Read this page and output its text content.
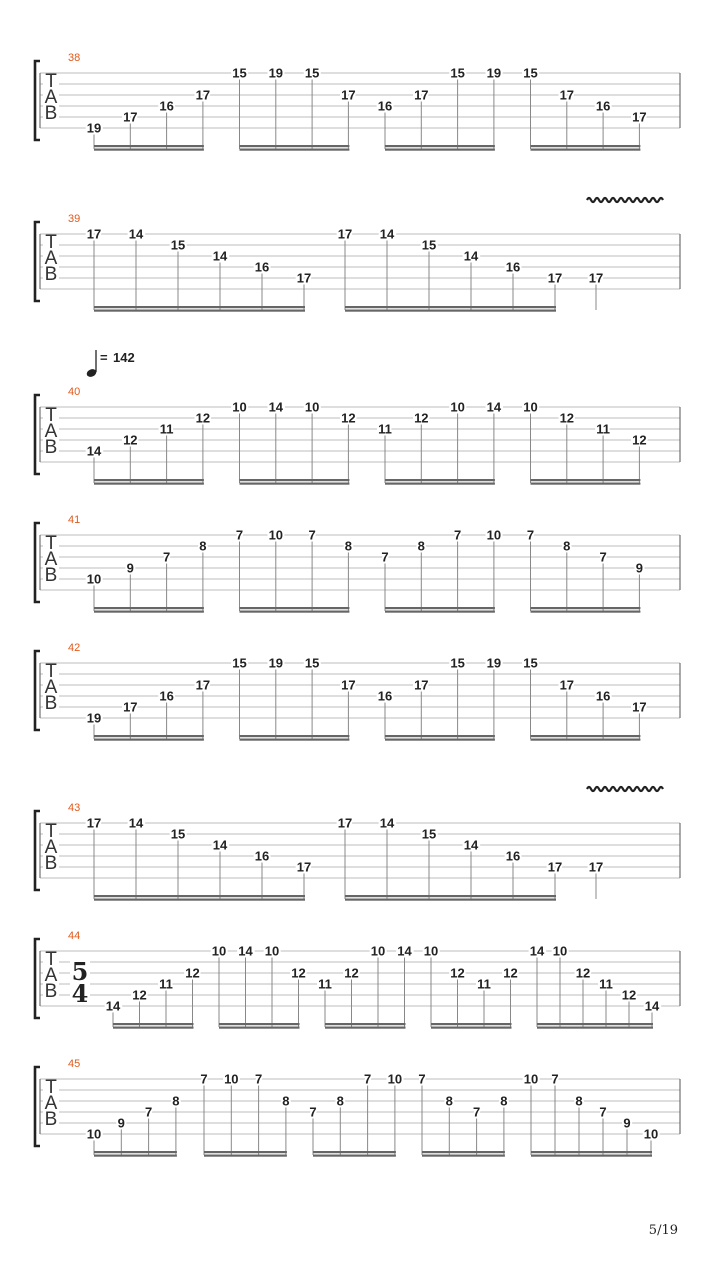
T
A
B
38
19
17
16
17
15 19 15
17
16
17
15 19 15
17
16
17
T
A
B
39
17 14
15
14
16
17
17 14
15
14
16
17 17
T
A
B
40
14
12
11
12
10 14 10
12
11
12
10 14 10
12
11
12
T
A
B
41
10
9
7
8
7 10 7
8
7
8
7 10 7
8
7
9
T
A
B
42
19
17
16
17
15 19 15
17
16
17
15 19 15
17
16
17
T
A
B
43
17 14
15
14
16
17
17 14
15
14
16
17 17
T
A
B
5
4
44
14
12
11
12
10 14 10
12
11
12
10 14 10
12
11
12
14 10
12
11
12
14
T
A
B
45
10
9
7
8
7 10 7
8
7
8
7 10 7
8
7
8
10 7
8
7
9
10
= 142
5/19
